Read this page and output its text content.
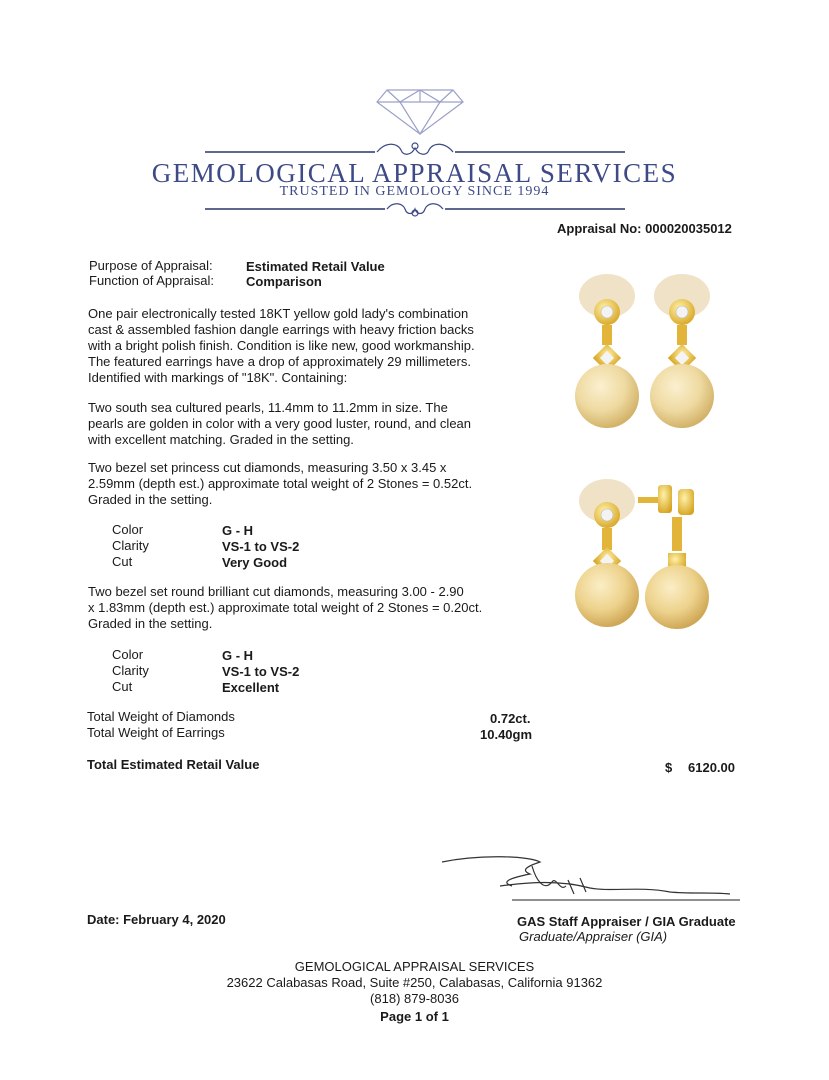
GEMOLOGICAL APPRAISAL SERVICES
TRUSTED IN GEMOLOGY SINCE 1994
Appraisal No: 000020035012
Purpose of Appraisal:	Estimated Retail Value
Function of Appraisal: Comparison
One pair electronically tested 18KT yellow gold lady's combination
cast & assembled fashion dangle earrings with heavy friction backs
with a bright polish finish. Condition is like new, good workmanship.
The featured earrings have a drop of approximately 29 millimeters.
Identified with markings of "18K". Containing:
Two south sea cultured pearls, 11.4mm to 11.2mm in size. The
pearls are golden in color with a very good luster, round, and clean
with excellent matching. Graded in the setting.
Two bezel set princess cut diamonds, measuring 3.50 x 3.45 x
2.59mm (depth est.) approximate total weight of 2 Stones = 0.52ct.
Graded in the setting.
Color	G - H
Clarity	VS-1 to VS-2
Cut	Very Good
Two bezel set round brilliant cut diamonds, measuring 3.00 - 2.90
x 1.83mm (depth est.) approximate total weight of 2 Stones = 0.20ct.
Graded in the setting.
Color	G - H
Clarity	VS-1 to VS-2
Cut	Excellent
Total Weight of Diamonds	0.72ct.
Total Weight of Earrings	10.40gm
Total Estimated Retail Value	$ 6120.00
Date: February 4, 2020	GAS Staff Appraiser / GIA Graduate
Graduate/Appraiser (GIA)
GEMOLOGICAL APPRAISAL SERVICES
23622 Calabasas Road, Suite #250, Calabasas, California 91362
(818) 879-8036
Page 1 of 1
